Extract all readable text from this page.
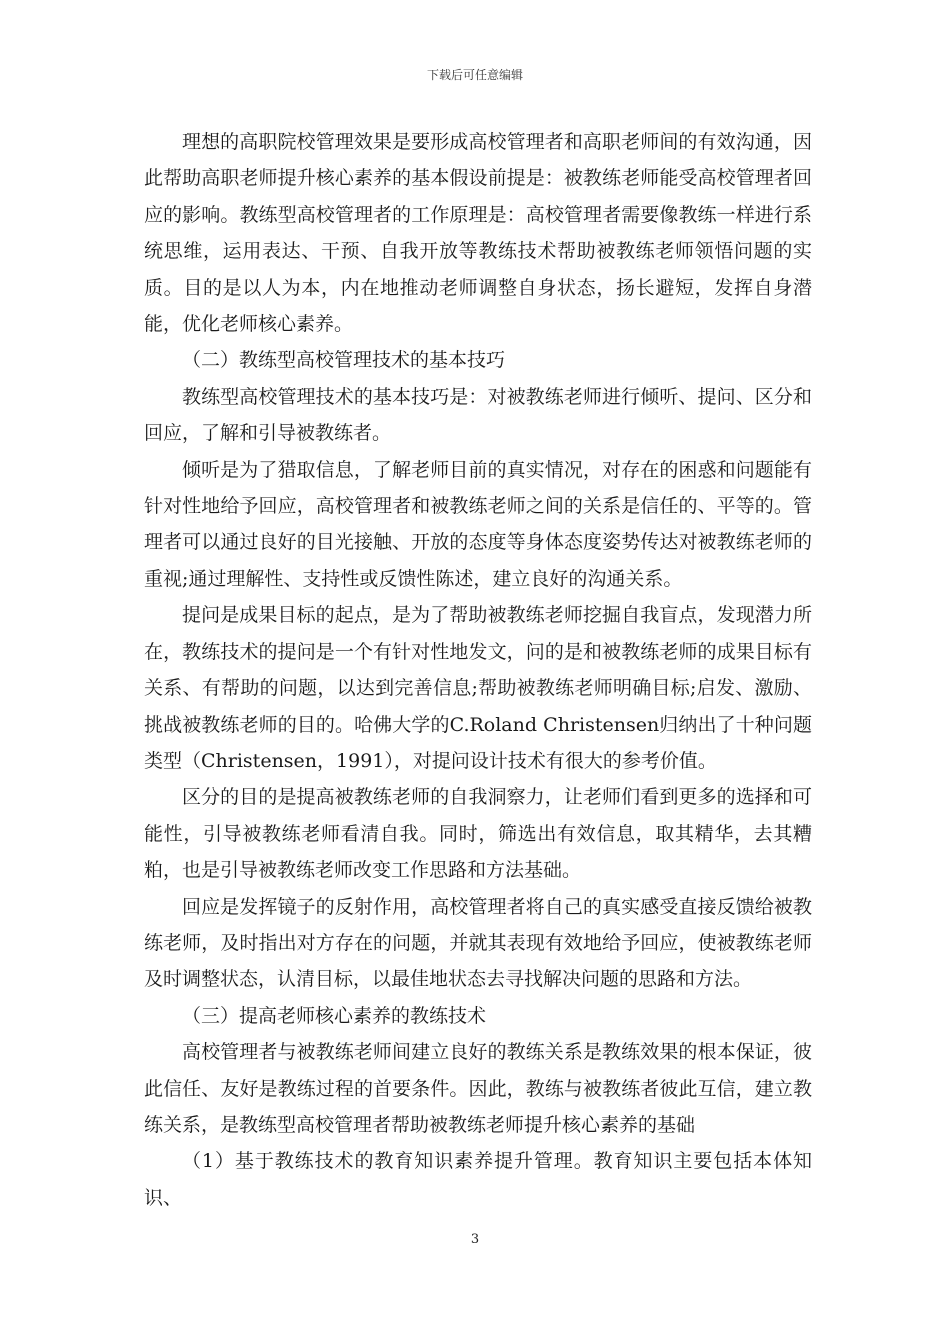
下载后可任意编辑

理想的高职院校管理效果是要形成高校管理者和高职老师间的有效沟通，因此帮助高职老师提升核心素养的基本假设前提是：被教练老师能受高校管理者回应的影响。教练型高校管理者的工作原理是：高校管理者需要像教练一样进行系统思维，运用表达、干预、自我开放等教练技术帮助被教练老师领悟问题的实质。目的是以人为本，内在地推动老师调整自身状态，扬长避短，发挥自身潜能，优化老师核心素养。

（二）教练型高校管理技术的基本技巧

教练型高校管理技术的基本技巧是：对被教练老师进行倾听、提问、区分和回应，了解和引导被教练者。

倾听是为了猎取信息，了解老师目前的真实情况，对存在的困惑和问题能有针对性地给予回应，高校管理者和被教练老师之间的关系是信任的、平等的。管理者可以通过良好的目光接触、开放的态度等身体态度姿势传达对被教练老师的重视;通过理解性、支持性或反馈性陈述，建立良好的沟通关系。

提问是成果目标的起点，是为了帮助被教练老师挖掘自我盲点，发现潜力所在，教练技术的提问是一个有针对性地发文，问的是和被教练老师的成果目标有关系、有帮助的问题，以达到完善信息;帮助被教练老师明确目标;启发、激励、挑战被教练老师的目的。哈佛大学的C.Roland Christensen归纳出了十种问题类型（Christensen，1991），对提问设计技术有很大的参考价值。

区分的目的是提高被教练老师的自我洞察力，让老师们看到更多的选择和可能性，引导被教练老师看清自我。同时，筛选出有效信息，取其精华，去其糟粕，也是引导被教练老师改变工作思路和方法基础。

回应是发挥镜子的反射作用，高校管理者将自己的真实感受直接反馈给被教练老师，及时指出对方存在的问题，并就其表现有效地给予回应，使被教练老师及时调整状态，认清目标，以最佳地状态去寻找解决问题的思路和方法。

（三）提高老师核心素养的教练技术

高校管理者与被教练老师间建立良好的教练关系是教练效果的根本保证，彼此信任、友好是教练过程的首要条件。因此，教练与被教练者彼此互信，建立教练关系，是教练型高校管理者帮助被教练老师提升核心素养的基础

（1）基于教练技术的教育知识素养提升管理。教育知识主要包括本体知识、

3
